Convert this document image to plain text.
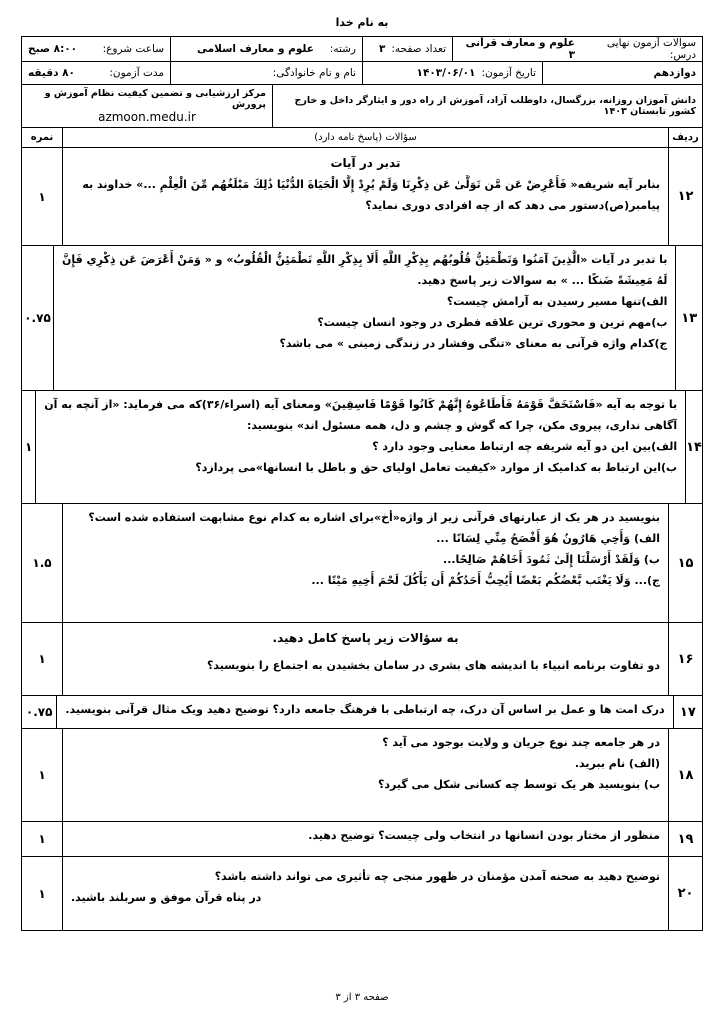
به نام خدا
سوالات آزمون نهایی درس:
علوم و معارف قرآنی ۳
تعداد صفحه:
۳
رشته:
علوم و معارف اسلامی
ساعت شروع:
۸:۰۰ صبح
دوازدهم
تاریخ آزمون:
۱۴۰۳/۰۶/۰۱
نام و نام خانوادگی:
مدت آزمون:
۸۰ دقیقه
دانش آموزان روزانه، بزرگسال، داوطلب آزاد، آموزش از راه دور و ایثارگر داخل و خارج کشور تابستان ۱۴۰۳
مرکز ارزشیابی و تضمین کیفیت نظام آموزش و پرورش
azmoon.medu.ir
ردیف
سؤالات (پاسخ نامه دارد)
نمره
۱۲
تدبر در آیات
بنابر آیه شریفه« فَأَعْرِضْ عَن مَّن تَوَلَّىٰ عَن ذِكْرِنَا وَلَمْ يُرِدْ إِلَّا الْحَيَاةَ الدُّنْيَا ذَٰلِكَ مَبْلَغُهُم مِّنَ الْعِلْمِ ...» خداوند به
پیامبر(ص)دستور می دهد که از چه افرادی دوری نماید؟
۱
۱۳
با تدبر در آیات «الَّذِينَ آمَنُوا وَتَطْمَئِنُّ قُلُوبُهُم بِذِكْرِ اللَّهِ أَلَا بِذِكْرِ اللَّهِ تَطْمَئِنُّ الْقُلُوبُ» و « وَمَنْ أَعْرَضَ عَن ذِكْرِي فَإِنَّ
لَهُ مَعِيشَةً ضَنكًا ... » به سوالات زیر پاسخ دهید.
الف)تنها مسیر رسیدن به آرامش چیست؟
ب)مهم ترین و محوری ترین علاقه فطری در وجود انسان چیست؟
ج)کدام واژه قرآنی به معنای «تنگی وفشار در زندگی زمینی » می باشد؟
۰.۷۵
۱۴
با توجه به آیه «فَاسْتَخَفَّ قَوْمَهُ فَأَطَاعُوهُ إِنَّهُمْ كَانُوا قَوْمًا فَاسِقِينَ» ومعنای آیه (اسراء/۳۶)که می فرماید: «از آنچه به آن
آگاهی نداری، پیروی مکن، چرا که گوش و چشم و دل، همه مسئول اند» بنویسید:
الف)بین این دو آیه شریفه چه ارتباط معنایی وجود دارد ؟
ب)این ارتباط به کدامیک از موارد «کیفیت تعامل اولیای حق و باطل با انسانها»می پردازد؟
۱
۱۵
بنویسید در هر یک از عبارتهای قرآنی زیر از واژه«أخ»برای اشاره به کدام نوع مشابهت استفاده شده است؟
الف) وَأَخِي هَارُونُ هُوَ أَفْصَحُ مِنِّي لِسَانًا ...
ب) وَلَقَدْ أَرْسَلْنَا إِلَىٰ ثَمُودَ أَخَاهُمْ صَالِحًا...
ج)... وَلَا يَغْتَب بَّعْضُكُم بَعْضًا أَيُحِبُّ أَحَدُكُمْ أَن يَأْكُلَ لَحْمَ أَخِيهِ مَيْتًا ...
۱.۵
۱۶
به سؤالات زیر پاسخ کامل دهید.
دو تفاوت برنامه انبیاء با اندیشه های بشری در سامان بخشیدن به اجتماع را بنویسید؟
۱
۱۷
درک امت ها و عمل بر اساس آن درک، چه ارتباطی با فرهنگ جامعه دارد؟ توضیح دهید ویک مثال قرآنی بنویسید.
۰.۷۵
۱۸
در هر جامعه چند نوع جریان و ولایت بوجود می آید ؟
(الف) نام ببرید.
ب) بنویسید هر یک توسط چه کسانی شکل می گیرد؟
۱
۱۹
منظور از مختار بودن انسانها در انتخاب ولی چیست؟ توضیح دهید.
۱
۲۰
توضیح دهید به صحنه آمدن مؤمنان در ظهور منجی چه تأثیری می تواند داشته باشد؟
در پناه قرآن موفق و سربلند باشید.
۱
صفحه ۳ از ۳
